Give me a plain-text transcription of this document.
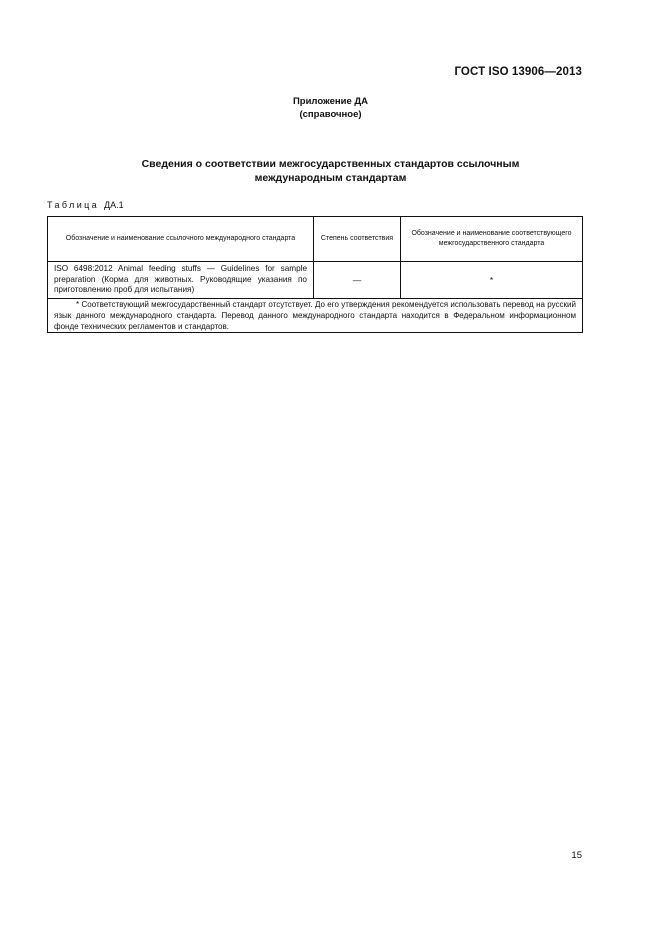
ГОСТ ISO 13906—2013
Приложение ДА
(справочное)
Сведения о соответствии межгосударственных стандартов ссылочным
международным стандартам
Таблица ДА.1
Обозначение и наименование ссылочного международного стандарта	Степень соответствия	Обозначение и наименование соответствующего межгосударственного стандарта
ISO 6498:2012 Animal feeding stuffs — Guidelines for sample preparation (Корма для животных. Руководящие указания по приготовлению проб для испытания)	—	*

* Соответствующий межгосударственный стандарт отсутствует. До его утверждения рекомендуется использовать перевод на русский язык данного международного стандарта. Перевод данного международного стандарта находится в Федеральном информационном фонде технических регламентов и стандартов.		
15
